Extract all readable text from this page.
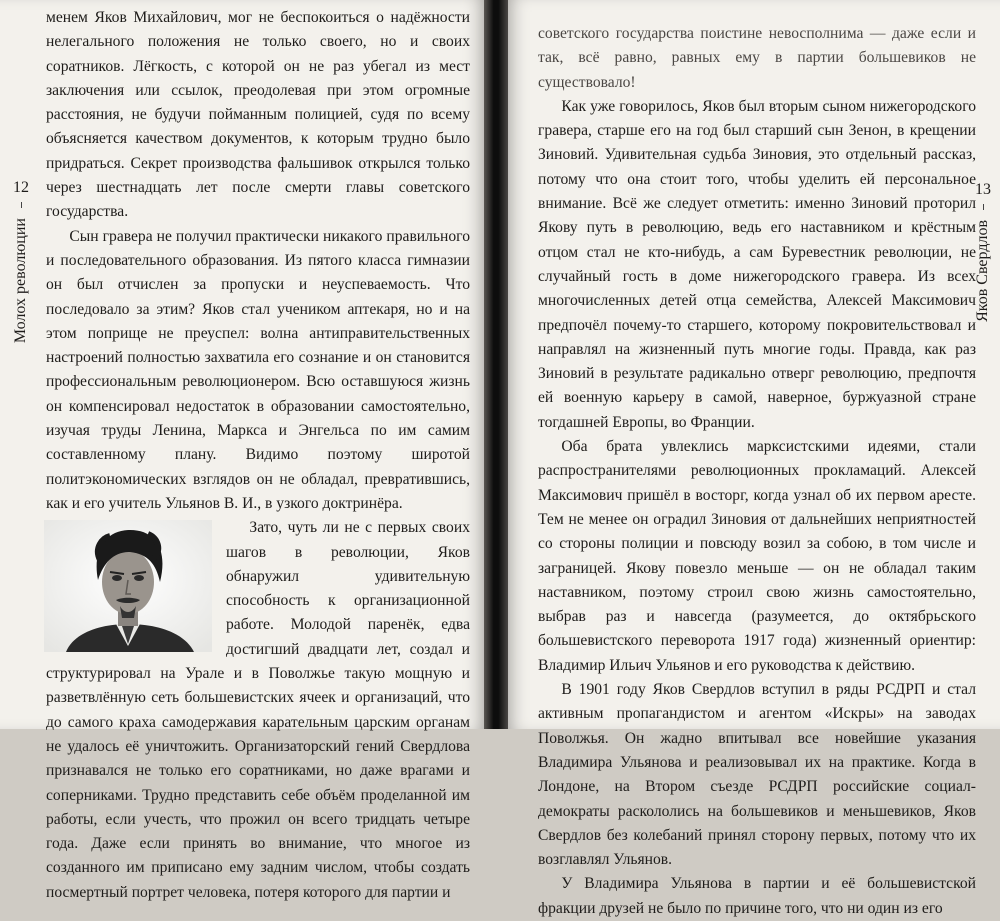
12
Молох революции

менем Яков Михайлович, мог не беспокоиться о надёжности нелегального положения не только своего, но и своих соратников. Лёгкость, с которой он не раз убегал из мест заключения или ссылок, преодолевая при этом огромные расстояния, не будучи пойманным полицией, судя по всему объясняется качеством документов, к которым трудно было придраться. Секрет производства фальшивок открылся только через шестнадцать лет после смерти главы советского государства.

Сын гравера не получил практически никакого правильного и последовательного образования. Из пятого класса гимназии он был отчислен за пропуски и неуспеваемость. Что последовало за этим? Яков стал учеником аптекаря, но и на этом поприще не преуспел: волна антиправительственных настроений полностью захватила его сознание и он становится профессиональным революционером. Всю оставшуюся жизнь он компенсировал недостаток в образовании самостоятельно, изучая труды Ленина, Маркса и Энгельса по им самим составленному плану. Видимо поэтому широтой политэкономических взглядов он не обладал, превратившись, как и его учитель Ульянов В. И., в узкого доктринёра.

Зато, чуть ли не с первых своих шагов в революции, Яков обнаружил удивительную способность к организационной работе. Молодой паренёк, едва достигший двадцати лет, создал и структурировал на Урале и в Поволжье такую мощную и разветвлённую сеть большевистских ячеек и организаций, что до самого краха самодержавия карательным царским органам не удалось её уничтожить. Организаторский гений Свердлова признавался не только его соратниками, но даже врагами и соперниками. Трудно представить себе объём проделанной им работы, если учесть, что прожил он всего тридцать четыре года. Даже если принять во внимание, что многое из созданного им приписано ему задним числом, чтобы создать посмертный портрет человека, потеря которого для партии и

13
Яков Свердлов

советского государства поистине невосполнима — даже если и так, всё равно, равных ему в партии большевиков не существовало!

Как уже говорилось, Яков был вторым сыном нижегородского гравера, старше его на год был старший сын Зенон, в крещении Зиновий. Удивительная судьба Зиновия, это отдельный рассказ, потому что она стоит того, чтобы уделить ей персональное внимание. Всё же следует отметить: именно Зиновий проторил Якову путь в революцию, ведь его наставником и крёстным отцом стал не кто-нибудь, а сам Буревестник революции, не случайный гость в доме нижегородского гравера. Из всех многочисленных детей отца семейства, Алексей Максимович предпочёл почему-то старшего, которому покровительствовал и направлял на жизненный путь многие годы. Правда, как раз Зиновий в результате радикально отверг революцию, предпочтя ей военную карьеру в самой, наверное, буржуазной стране тогдашней Европы, во Франции.

Оба брата увлеклись марксистскими идеями, стали распространителями революционных прокламаций. Алексей Максимович пришёл в восторг, когда узнал об их первом аресте. Тем не менее он оградил Зиновия от дальнейших неприятностей со стороны полиции и повсюду возил за собою, в том числе и заграницей. Якову повезло меньше — он не обладал таким наставником, поэтому строил свою жизнь самостоятельно, выбрав раз и навсегда (разумеется, до октябрьского большевистского переворота 1917 года) жизненный ориентир: Владимир Ильич Ульянов и его руководства к действию.

В 1901 году Яков Свердлов вступил в ряды РСДРП и стал активным пропагандистом и агентом «Искры» на заводах Поволжья. Он жадно впитывал все новейшие указания Владимира Ульянова и реализовывал их на практике. Когда в Лондоне, на Втором съезде РСДРП российские социал-демократы раскололись на большевиков и меньшевиков, Яков Свердлов без колебаний принял сторону первых, потому что их возглавлял Ульянов.

У Владимира Ульянова в партии и её большевистской фракции друзей не было по причине того, что ни один из его
